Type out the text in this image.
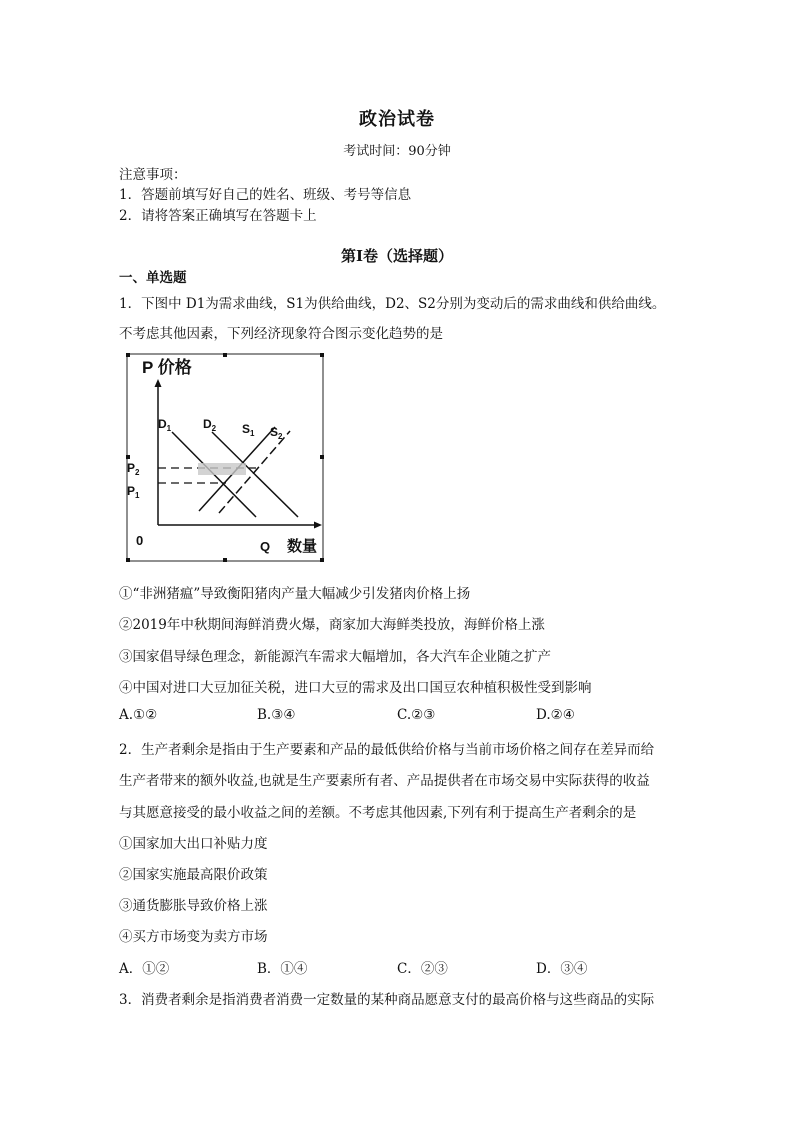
政治试卷
考试时间：90分钟
注意事项：
1．答题前填写好自己的姓名、班级、考号等信息
2．请将答案正确填写在答题卡上
第I卷（选择题）
一、单选题
1．下图中 D1为需求曲线，S1为供给曲线，D2、S2分别为变动后的需求曲线和供给曲线。
不考虑其他因素，下列经济现象符合图示变化趋势的是
P 价格
Q 数量
0
$P_2$
$P_1$
$D_1$	$D_2$ $S_1$ $S_2$
①“非洲猪瘟”导致衡阳猪肉产量大幅减少引发猪肉价格上扬
②2019年中秋期间海鲜消费火爆，商家加大海鲜类投放，海鲜价格上涨
③国家倡导绿色理念，新能源汽车需求大幅增加，各大汽车企业随之扩产
④中国对进口大豆加征关税，进口大豆的需求及出口国豆农种植积极性受到影响
A.①②	B.③④	C.②③	D.②④
2．生产者剩余是指由于生产要素和产品的最低供给价格与当前市场价格之间存在差异而给
生产者带来的额外收益,也就是生产要素所有者、产品提供者在市场交易中实际获得的收益
与其愿意接受的最小收益之间的差额。不考虑其他因素,下列有利于提高生产者剩余的是
①国家加大出口补贴力度
②国家实施最高限价政策
③通货膨胀导致价格上涨
④买方市场变为卖方市场
A．①②	B．①④	C．②③	D．③④
3．消费者剩余是指消费者消费一定数量的某种商品愿意支付的最高价格与这些商品的实际
